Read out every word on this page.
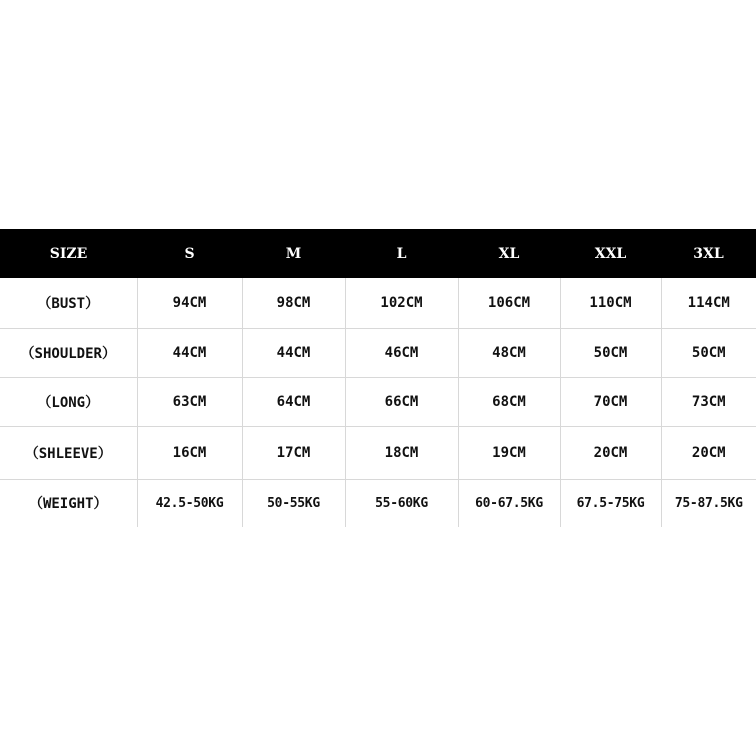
SIZE	S	M	L	XL	XXL	3XL
（BUST）	94CM	98CM	102CM	106CM	110CM	114CM
（SHOULDER）	44CM	44CM	46CM	48CM	50CM	50CM
（LONG）	63CM	64CM	66CM	68CM	70CM	73CM
（SHLEEVE）	16CM	17CM	18CM	19CM	20CM	20CM
（WEIGHT）	42.5-50KG	50-55KG	55-60KG	60-67.5KG	67.5-75KG	75-87.5KG
